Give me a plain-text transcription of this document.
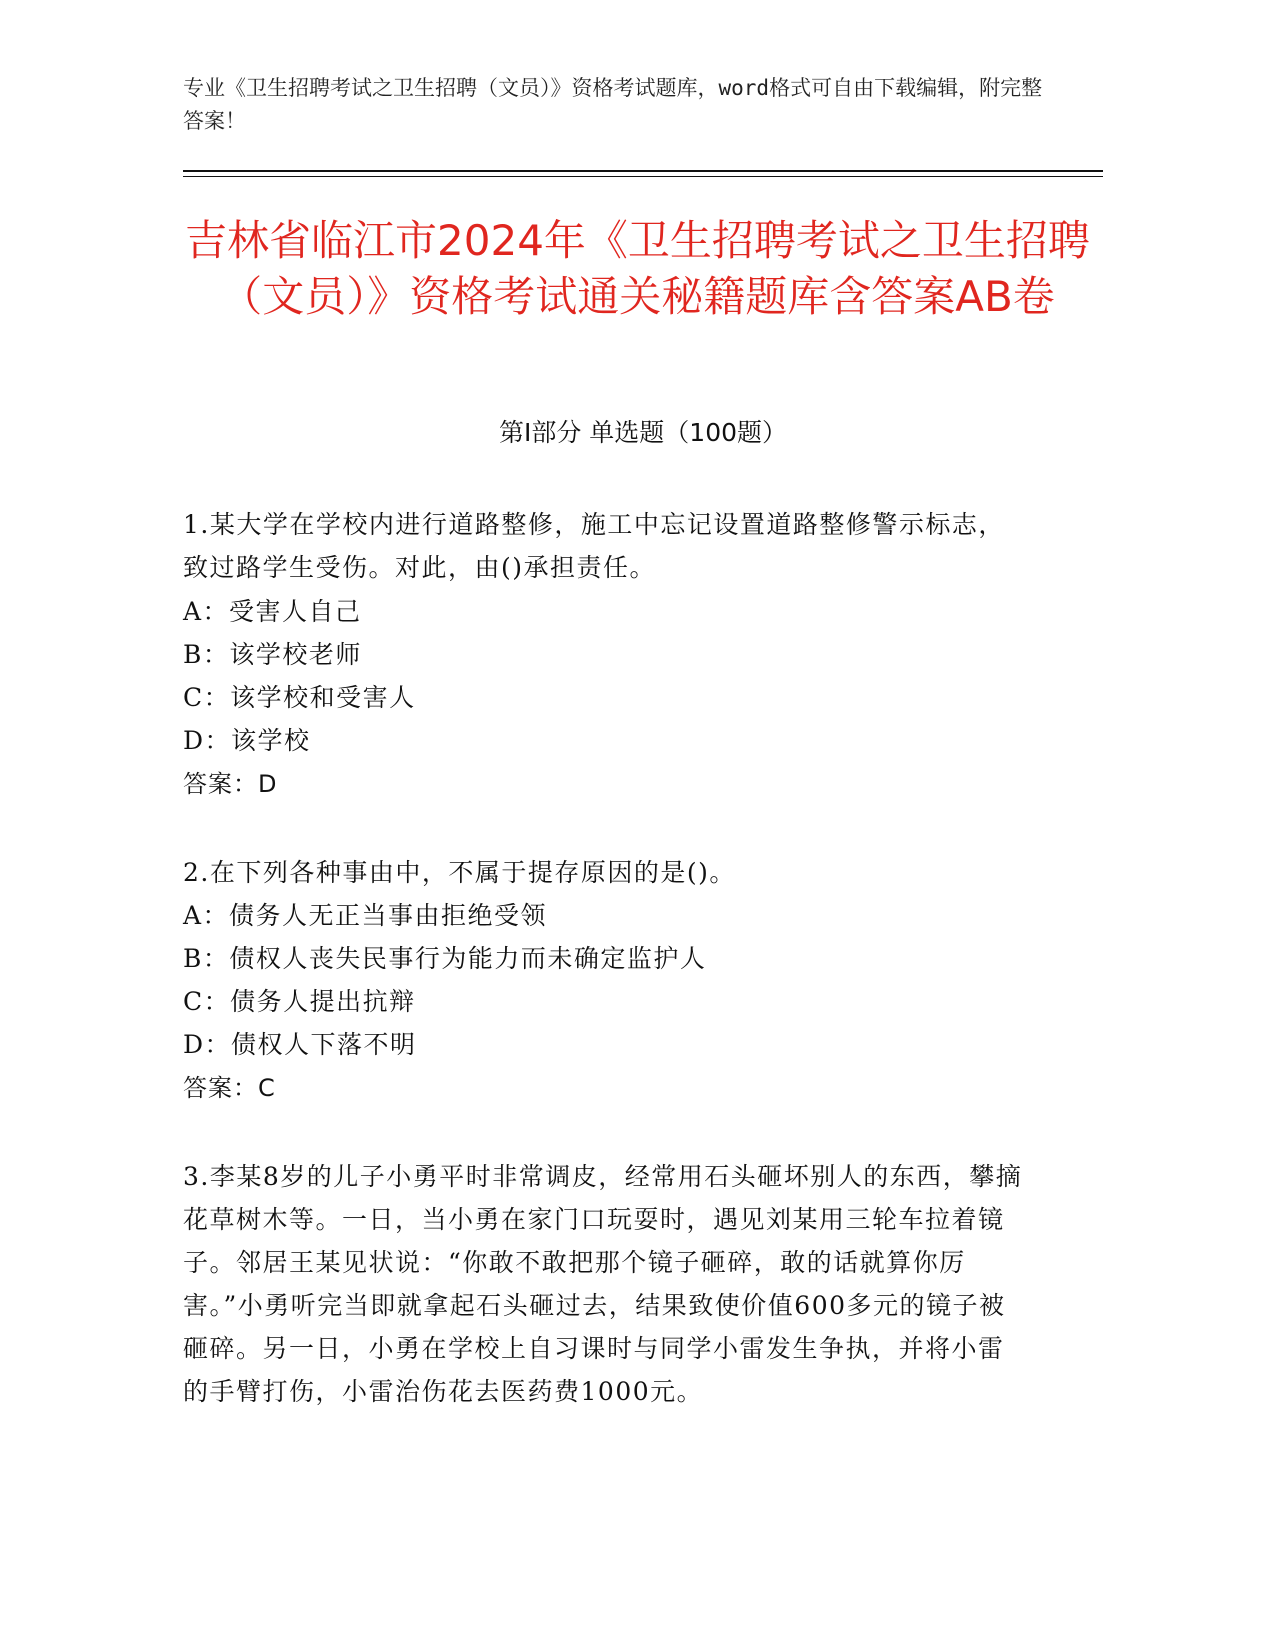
专业《卫生招聘考试之卫生招聘（文员）》资格考试题库，word格式可自由下载编辑，附完整答案！
吉林省临江市2024年《卫生招聘考试之卫生招聘（文员）》资格考试通关秘籍题库含答案AB卷
第Ⅰ部分 单选题（100题）
1.某大学在学校内进行道路整修，施工中忘记设置道路整修警示标志，致过路学生受伤。对此，由()承担责任。
A：受害人自己
B：该学校老师
C：该学校和受害人
D：该学校
答案：D
2.在下列各种事由中，不属于提存原因的是()。
A：债务人无正当事由拒绝受领
B：债权人丧失民事行为能力而未确定监护人
C：债务人提出抗辩
D：债权人下落不明
答案：C
3.李某8岁的儿子小勇平时非常调皮，经常用石头砸坏别人的东西，攀摘花草树木等。一日，当小勇在家门口玩耍时，遇见刘某用三轮车拉着镜子。邻居王某见状说：“你敢不敢把那个镜子砸碎，敢的话就算你厉害。”小勇听完当即就拿起石头砸过去，结果致使价值600多元的镜子被砸碎。另一日，小勇在学校上自习课时与同学小雷发生争执，并将小雷的手臂打伤，小雷治伤花去医药费1000元。
